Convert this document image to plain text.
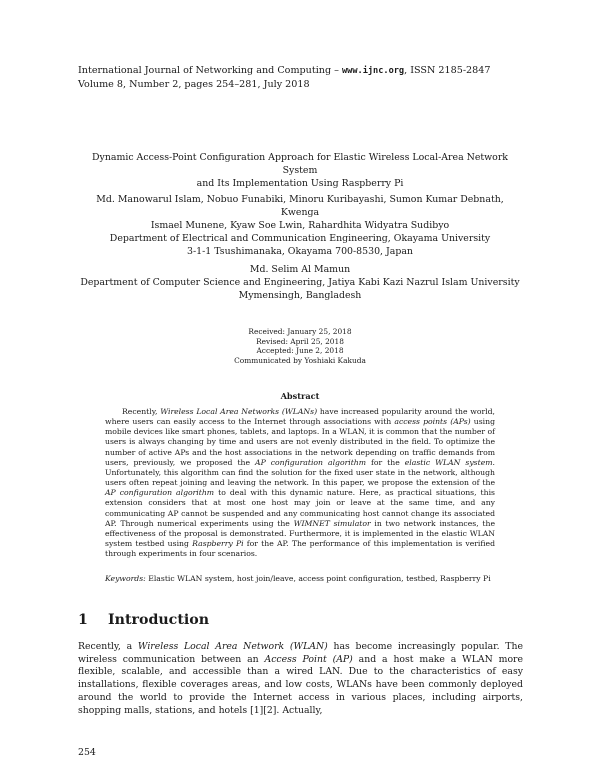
International Journal of Networking and Computing – www.ijnc.org, ISSN 2185-2847
Volume 8, Number 2, pages 254–281, July 2018
Dynamic Access-Point Configuration Approach for Elastic Wireless Local-Area Network System
and Its Implementation Using Raspberry Pi
Md. Manowarul Islam, Nobuo Funabiki, Minoru Kuribayashi, Sumon Kumar Debnath, Kwenga
Ismael Munene, Kyaw Soe Lwin, Rahardhita Widyatra Sudibyo
Department of Electrical and Communication Engineering, Okayama University
3-1-1 Tsushimanaka, Okayama 700-8530, Japan
Md. Selim Al Mamun
Department of Computer Science and Engineering, Jatiya Kabi Kazi Nazrul Islam University
Mymensingh, Bangladesh
Received: January 25, 2018
Revised: April 25, 2018
Accepted: June 2, 2018
Communicated by Yoshiaki Kakuda
Abstract
Recently, Wireless Local Area Networks (WLANs) have increased popularity around the world, where users can easily access to the Internet through associations with access points (APs) using mobile devices like smart phones, tablets, and laptops. In a WLAN, it is common that the number of users is always changing by time and users are not evenly distributed in the field. To optimize the number of active APs and the host associations in the network depending on traffic demands from users, previously, we proposed the AP configuration algorithm for the elastic WLAN system. Unfortunately, this algorithm can find the solution for the fixed user state in the network, although users often repeat joining and leaving the network. In this paper, we propose the extension of the AP configuration algorithm to deal with this dynamic nature. Here, as practical situations, this extension considers that at most one host may join or leave at the same time, and any communicating AP cannot be suspended and any communicating host cannot change its associated AP. Through numerical experiments using the WIMNET simulator in two network instances, the effectiveness of the proposal is demonstrated. Furthermore, it is implemented in the elastic WLAN system testbed using Raspberry Pi for the AP. The performance of this implementation is verified through experiments in four scenarios.
Keywords: Elastic WLAN system, host join/leave, access point configuration, testbed, Raspberry Pi
1 Introduction
Recently, a Wireless Local Area Network (WLAN) has become increasingly popular. The wireless communication between an Access Point (AP) and a host make a WLAN more flexible, scalable, and accessible than a wired LAN. Due to the characteristics of easy installations, flexible coverages areas, and low costs, WLANs have been commonly deployed around the world to provide the Internet access in various places, including airports, shopping malls, stations, and hotels [1][2]. Actually,
254
